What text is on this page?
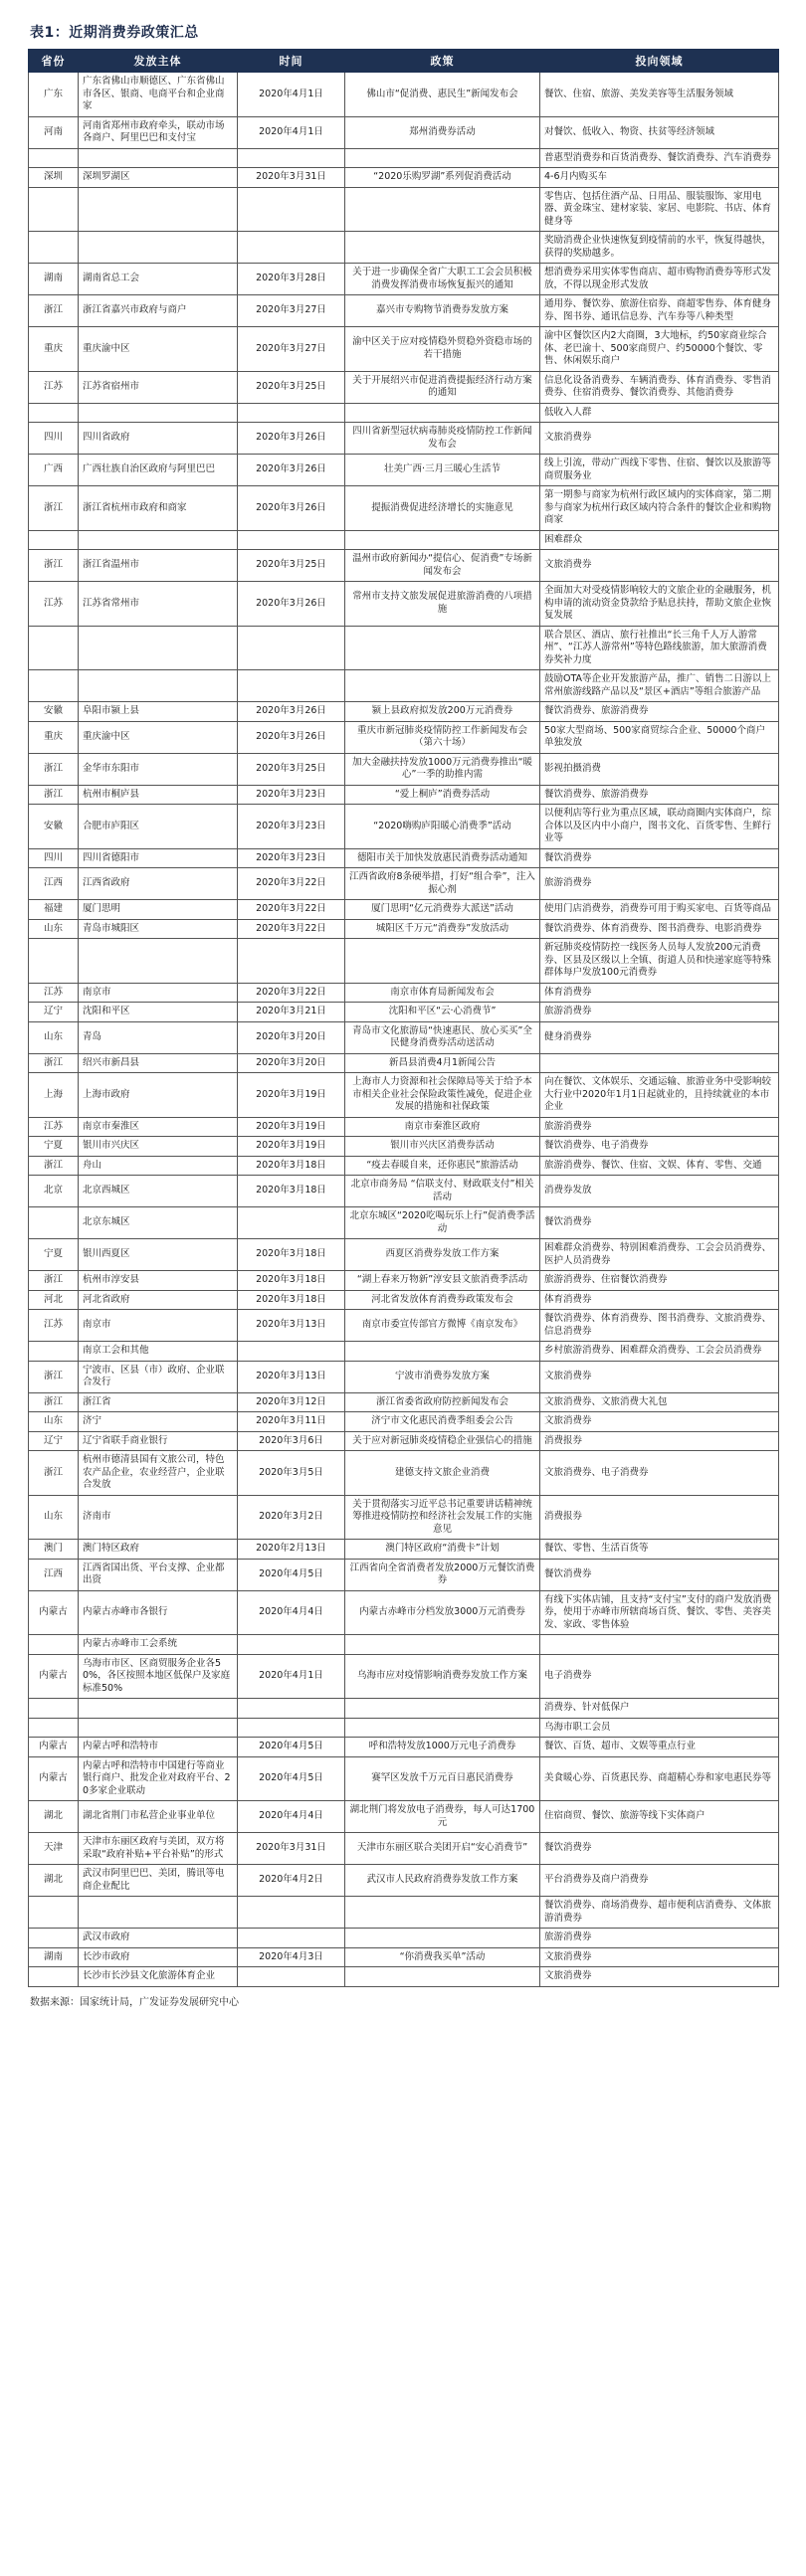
表1：近期消费券政策汇总
省份	发放主体	时间	政策	投向领域
广东	广东省佛山市顺德区、广东省佛山市各区、银商、电商平台和企业商家	2020年4月1日	佛山市“促消费、惠民生”新闻发布会	餐饮、住宿、旅游、美发美容等生活服务领域
河南	河南省郑州市政府牵头，联动市场各商户、阿里巴巴和支付宝	2020年4月1日	郑州消费券活动	对餐饮、低收入、物资、扶贫等经济领域
				普惠型消费券和百货消费券、餐饮消费券、汽车消费券
深圳	深圳罗湖区	2020年3月31日	“2020乐购罗湖”系列促消费活动	4-6月内购买车
				零售店、包括住酒产品、日用品、服装服饰、家用电器、黄金珠宝、建材家装、家居、电影院、书店、体育健身等
				奖励消费企业快速恢复到疫情前的水平，恢复得越快，获得的奖励越多。
湖南	湖南省总工会	2020年3月28日	关于进一步确保全省广大职工工会会员积极消费发挥消费市场恢复振兴的通知	想消费券采用实体零售商店、超市购物消费券等形式发放，不得以现金形式发放
浙江	浙江省嘉兴市政府与商户	2020年3月27日	嘉兴市专购物节消费券发放方案	通用券、餐饮券、旅游住宿券、商超零售券、体育健身券、图书券、通讯信息券、汽车券等八种类型
重庆	重庆渝中区	2020年3月27日	渝中区关于应对疫情稳外贸稳外资稳市场的若干措施	渝中区餐饮区内2大商圈，3大地标，约50家商业综合体、老巴渝十、500家商贸户、约50000个餐饮、零售、休闲娱乐商户
江苏	江苏省宿州市	2020年3月25日	关于开展绍兴市促进消费提振经济行动方案的通知	信息化设备消费券、车辆消费券、体育消费券、零售消费券、住宿消费券、餐饮消费券、其他消费券
				低收入人群
四川	四川省政府	2020年3月26日	四川省新型冠状病毒肺炎疫情防控工作新闻发布会	文旅消费券
广西	广西壮族自治区政府与阿里巴巴	2020年3月26日	壮美广西·三月三暖心生活节	线上引流，带动广西线下零售、住宿、餐饮以及旅游等商贸服务业
浙江	浙江省杭州市政府和商家	2020年3月26日	提振消费促进经济增长的实施意见	第一期参与商家为杭州行政区域内的实体商家，第二期参与商家为杭州行政区域内符合条件的餐饮企业和购物商家
				困难群众
浙江	浙江省温州市	2020年3月25日	温州市政府新闻办“提信心、促消费”专场新闻发布会	文旅消费券
江苏	江苏省常州市	2020年3月26日	常州市支持文旅发展促进旅游消费的八项措施	全面加大对受疫情影响较大的文旅企业的金融服务，机构申请的流动资金贷款给予贴息扶持，帮助文旅企业恢复发展
				联合景区、酒店、旅行社推出“长三角千人万人游常州”、“江苏人游常州”等特色路线旅游，加大旅游消费券奖补力度
				鼓励OTA等企业开发旅游产品，推广、销售二日游以上常州旅游线路产品以及“景区+酒店”等组合旅游产品
安徽	阜阳市颍上县	2020年3月26日	颍上县政府拟发放200万元消费券	餐饮消费券、旅游消费券
重庆	重庆渝中区	2020年3月26日	重庆市新冠肺炎疫情防控工作新闻发布会（第六十场）	50家大型商场、500家商贸综合企业、50000个商户单独发放
浙江	金华市东阳市	2020年3月25日	加大金融扶持发放1000万元消费券推出“暖心”一季的助推内需	影视拍摄消费
浙江	杭州市桐庐县	2020年3月23日	“爱上桐庐”消费券活动	餐饮消费券、旅游消费券
安徽	合肥市庐阳区	2020年3月23日	“2020嗨购庐阳暖心消费季”活动	以便利店等行业为重点区域，联动商圈内实体商户，综合体以及区内中小商户，图书文化、百货零售、生鲜行业等
四川	四川省德阳市	2020年3月23日	德阳市关于加快发放惠民消费券活动通知	餐饮消费券
江西	江西省政府	2020年3月22日	江西省政府8条硬举措，打好“组合拳”，注入振心剂	旅游消费券
福建	厦门思明	2020年3月22日	厦门思明“亿元消费券大派送”活动	使用门店消费券，消费券可用于购买家电、百货等商品
山东	青岛市城阳区	2020年3月22日	城阳区千万元“消费券”发放活动	餐饮消费券、体育消费券、图书消费券、电影消费券
				新冠肺炎疫情防控一线医务人员每人发放200元消费券、区县及区级以上全镇、街道人员和快递家庭等特殊群体每户发放100元消费券
江苏	南京市	2020年3月22日	南京市体育局新闻发布会	体育消费券
辽宁	沈阳和平区	2020年3月21日	沈阳和平区“云·心消费节”	旅游消费券
山东	青岛	2020年3月20日	青岛市文化旅游局“快速惠民、放心买买”全民健身消费券活动送活动	健身消费券
浙江	绍兴市新昌县	2020年3月20日	新昌县消费4月1新闻公告	
上海	上海市政府	2020年3月19日	上海市人力资源和社会保障局等关于给予本市相关企业社会保险政策性减免，促进企业发展的措施和社保政策	向在餐饮、文体娱乐、交通运输、旅游业务中受影响较大行业中2020年1月1日起就业的，且持续就业的本市企业
江苏	南京市秦淮区	2020年3月19日	南京市秦淮区政府	旅游消费券
宁夏	银川市兴庆区	2020年3月19日	银川市兴庆区消费券活动	餐饮消费券、电子消费券
浙江	舟山	2020年3月18日	“疫去春暖自来，还你惠民”旅游活动	旅游消费券、餐饮、住宿、文娱、体育、零售、交通
北京	北京西城区	2020年3月18日	北京市商务局 “信联支付、财政联支付”相关活动	消费券发放
	北京东城区		北京东城区“2020吃喝玩乐上行”促消费季活动	餐饮消费券
宁夏	银川西夏区	2020年3月18日	西夏区消费券发放工作方案	困难群众消费券、特别困难消费券、工会会员消费券、医护人员消费券
浙江	杭州市淳安县	2020年3月18日	“湖上春来万物新”淳安县文旅消费季活动	旅游消费券、住宿餐饮消费券
河北	河北省政府	2020年3月18日	河北省发放体育消费券政策发布会	体育消费券
江苏	南京市	2020年3月13日	南京市委宣传部官方微博《南京发布》	餐饮消费券、体育消费券、图书消费券、文旅消费券、信息消费券
	南京工会和其他			乡村旅游消费券、困难群众消费券、工会会员消费券
浙江	宁波市、区县（市）政府、企业联合发行	2020年3月13日	宁波市消费券发放方案	文旅消费券
浙江	浙江省	2020年3月12日	浙江省委省政府防控新闻发布会	文旅消费券、文旅消费大礼包
山东	济宁	2020年3月11日	济宁市文化惠民消费季组委会公告	文旅消费券
辽宁	辽宁省联手商业银行	2020年3月6日	关于应对新冠肺炎疫情稳企业强信心的措施	消费报券
浙江	杭州市德清县国有文旅公司，特色农产品企业，农业经营户，企业联合发放	2020年3月5日	建德支持文旅企业消费	文旅消费券、电子消费券
山东	济南市	2020年3月2日	关于贯彻落实习近平总书记重要讲话精神统筹推进疫情防控和经济社会发展工作的实施意见	消费报券
澳门	澳门特区政府	2020年2月13日	澳门特区政府“消费卡”计划	餐饮、零售、生活百货等
江西	江西省国出货、平台支撑、企业都出资	2020年4月5日	江西省向全省消费者发放2000万元餐饮消费券	餐饮消费券
内蒙古	内蒙古赤峰市各银行	2020年4月4日	内蒙古赤峰市分档发放3000万元消费券	有线下实体店铺，且支持“支付宝”支付的商户发放消费券，使用于赤峰市所辖商场百货、餐饮、零售、美容美发、家政、零售体验
	内蒙古赤峰市工会系统			
内蒙古	乌海市市区、区商贸服务企业各50%，各区按照本地区低保户及家庭标准50%	2020年4月1日	乌海市应对疫情影响消费券发放工作方案	电子消费券
				消费券、针对低保户
				乌海市职工会员
内蒙古	内蒙古呼和浩特市	2020年4月5日	呼和浩特发放1000万元电子消费券	餐饮、百货、超市、文娱等重点行业
内蒙古	内蒙古呼和浩特市中国建行等商业银行商户、批发企业对政府平台、20多家企业联动	2020年4月5日	赛罕区发放千万元百日惠民消费券	美食暖心券、百货惠民券、商超精心券和家电惠民券等
湖北	湖北省荆门市私营企业事业单位	2020年4月4日	湖北荆门将发放电子消费券，每人可达1700元	住宿商贸、餐饮、旅游等线下实体商户
天津	天津市东丽区政府与美团，双方将采取“政府补贴+平台补贴”的形式	2020年3月31日	天津市东丽区联合美团开启“安心消费节”	餐饮消费券
湖北	武汉市阿里巴巴、美团，腾讯等电商企业配比	2020年4月2日	武汉市人民政府消费券发放工作方案	平台消费券及商户消费券
				餐饮消费券、商场消费券、超市便利店消费券、文体旅游消费券
	武汉市政府			旅游消费券
湖南	长沙市政府	2020年4月3日	“你消费我买单”活动	文旅消费券
	长沙市长沙县文化旅游体育企业			文旅消费券
数据来源：国家统计局，广发证券发展研究中心
